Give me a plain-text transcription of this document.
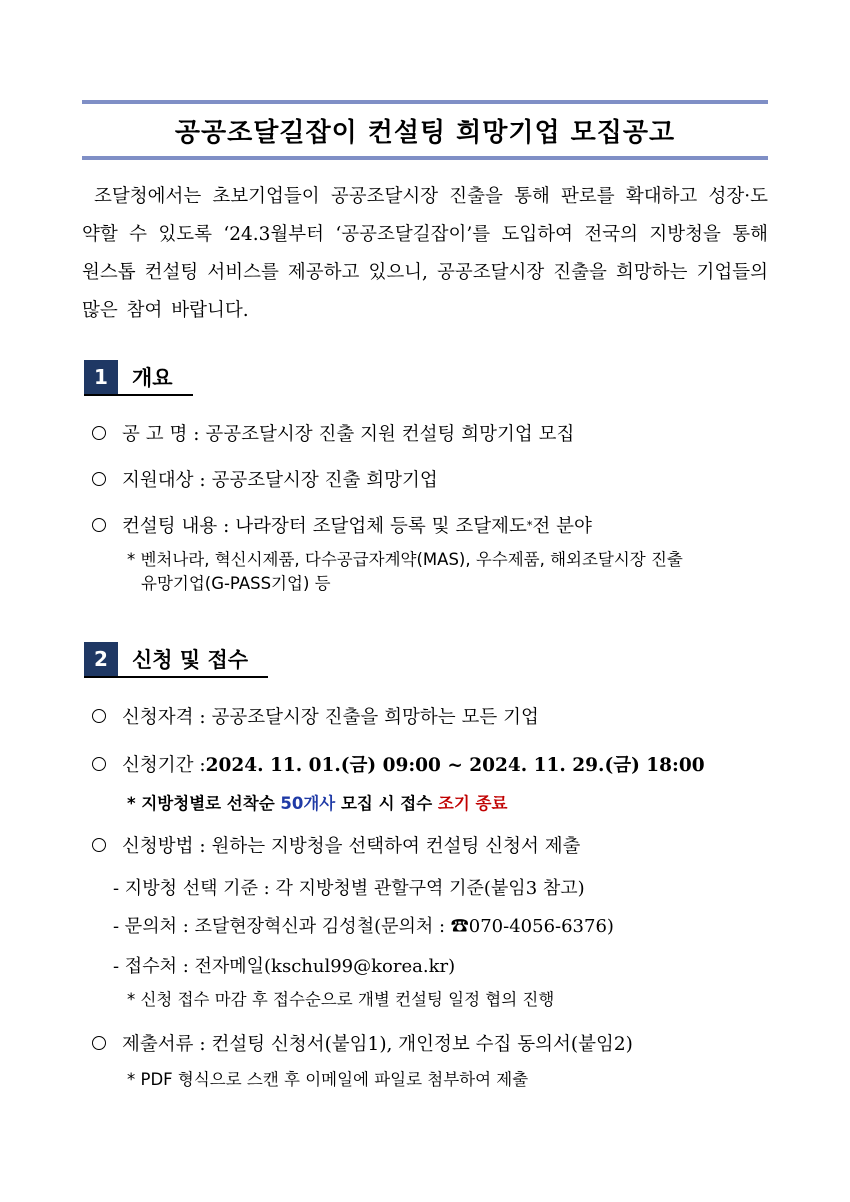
공공조달길잡이 컨설팅 희망기업 모집공고
조달청에서는 초보기업들이 공공조달시장 진출을 통해 판로를 확대하고 성장·도약할 수 있도록 ‘24.3월부터 ‘공공조달길잡이’를 도입하여 전국의 지방청을 통해 원스톱 컨설팅 서비스를 제공하고 있으니, 공공조달시장 진출을 희망하는 기업들의 많은 참여 바랍니다.
1	개요
공 고 명 : 공공조달시장 진출 지원 컨설팅 희망기업 모집
지원대상 : 공공조달시장 진출 희망기업
컨설팅 내용 : 나라장터 조달업체 등록 및 조달제도 * 전 분야
* 벤처나라, 혁신시제품, 다수공급자계약(MAS), 우수제품, 해외조달시장 진출
유망기업(G-PASS기업) 등
2	신청 및 접수
신청자격 : 공공조달시장 진출을 희망하는 모든 기업
신청기간 : 2024. 11. 01.(금) 09:00 ~ 2024. 11. 29.(금) 18:00
* 지방청별로 선착순 50개사 모집 시 접수 조기 종료
신청방법 : 원하는 지방청을 선택하여 컨설팅 신청서 제출
- 지방청 선택 기준 : 각 지방청별 관할구역 기준(붙임3 참고)
- 문의처 : 조달현장혁신과 김성철(문의처 : ☎070-4056-6376)
- 접수처 : 전자메일(kschul99@korea.kr)
* 신청 접수 마감 후 접수순으로 개별 컨설팅 일정 협의 진행
제출서류 : 컨설팅 신청서(붙임1), 개인정보 수집 동의서(붙임2)
* PDF 형식으로 스캔 후 이메일에 파일로 첨부하여 제출
